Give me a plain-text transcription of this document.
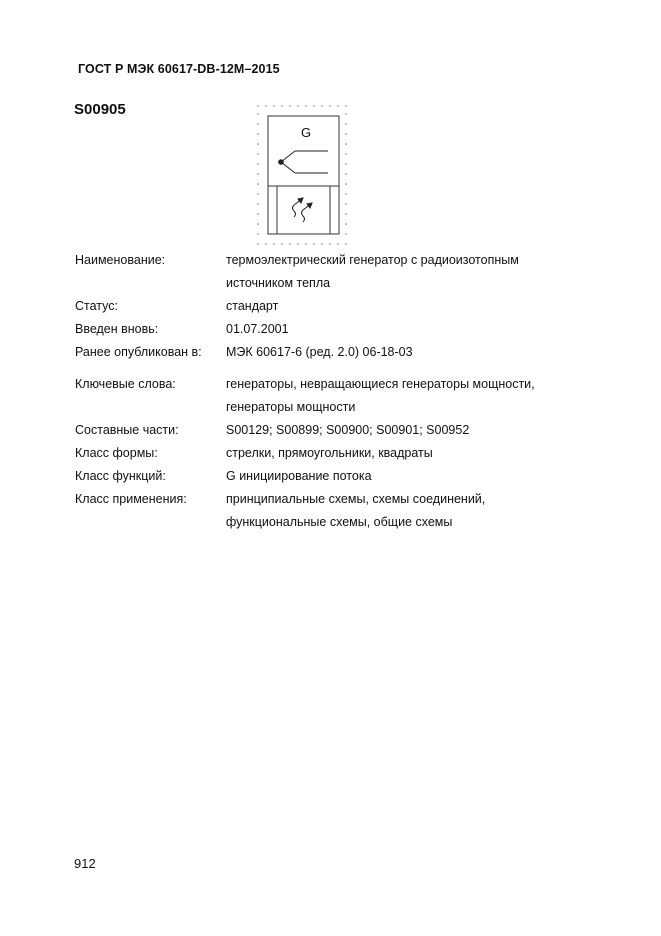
ГОСТ Р МЭК 60617-DB-12M–2015
S00905
G
Наименование:	термоэлектрический генератор с радиоизотопным
источником тепла
Статус:	стандарт
Введен вновь:	01.07.2001
Ранее опубликован в:	МЭК 60617-6 (ред. 2.0) 06-18-03
Ключевые слова:	генераторы, невращающиеся генераторы мощности,
генераторы мощности
Составные части:	S00129; S00899; S00900; S00901; S00952
Класс формы:	стрелки, прямоугольники, квадраты
Класс функций:	G инициирование потока
Класс применения:	принципиальные схемы, схемы соединений,
функциональные схемы, общие схемы
912
